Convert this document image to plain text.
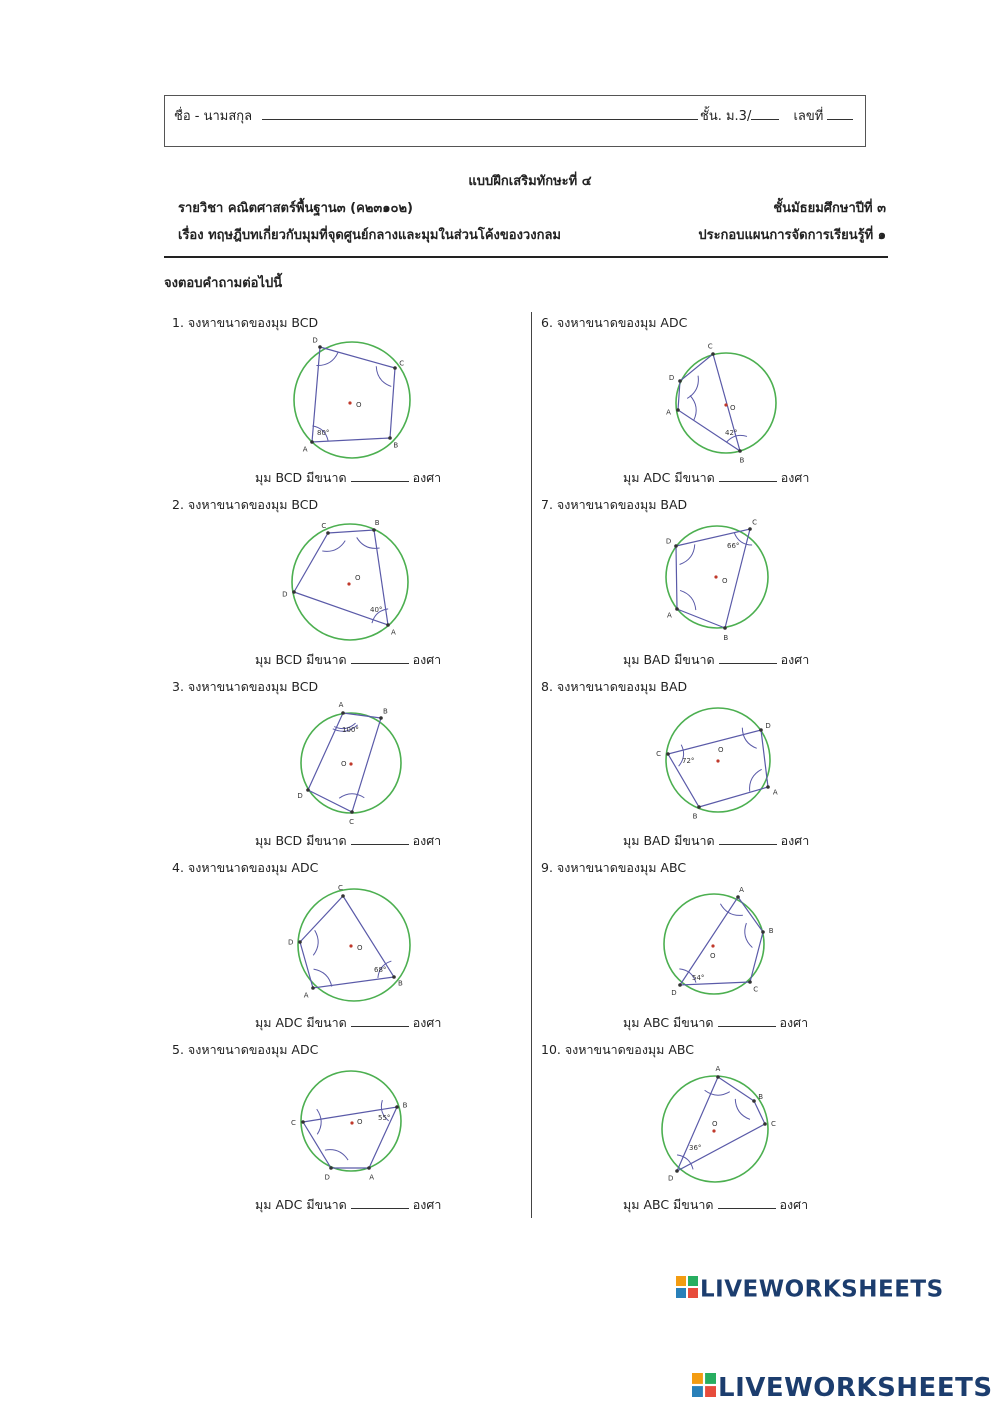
ชื่อ - นามสกุล	ชั้น. ม.3/	เลขที่
แบบฝึกเสริมทักษะที่ ๔
รายวิชา คณิตศาสตร์พื้นฐาน๓ (ค๒๓๑๐๒)	ชั้นมัธยมศึกษาปีที่ ๓
เรื่อง ทฤษฎีบทเกี่ยวกับมุมที่จุดศูนย์กลางและมุมในส่วนโค้งของวงกลม	ประกอบแผนการจัดการเรียนรู้ที่ ๑
จงตอบคำถามต่อไปนี้
1. จงหาขนาดของมุม BCD
2. จงหาขนาดของมุม BCD
3. จงหาขนาดของมุม BCD
4. จงหาขนาดของมุม ADC
5. จงหาขนาดของมุม ADC
6. จงหาขนาดของมุม ADC
7. จงหาขนาดของมุม BAD
8. จงหาขนาดของมุม BAD
9. จงหาขนาดของมุม ABC
10. จงหาขนาดของมุม ABC
มุม BCD มีขนาด	องศา
มุม BCD มีขนาด	องศา
มุม BCD มีขนาด	องศา
มุม ADC มีขนาด	องศา
มุม ADC มีขนาด	องศา
มุม ADC มีขนาด	องศา
มุม BAD มีขนาด	องศา
มุม BAD มีขนาด	องศา
มุม ABC มีขนาด	องศา
มุม ABC มีขนาด	องศา
D
C
B
A
O
80°
C	B
A
D
O
40°
A
B
C
D
O
100°
C
B
A
D
O
68°
C
B
A
D
O 55°
C
B
A
D
O
42°
C
B
A
D
O
66°
D
A
B
C	O
72°
A
B
C
D
O
54°
A
B
C
D
O
36°
LIVEWORKSHEETS
LIVEWORKSHEETS
